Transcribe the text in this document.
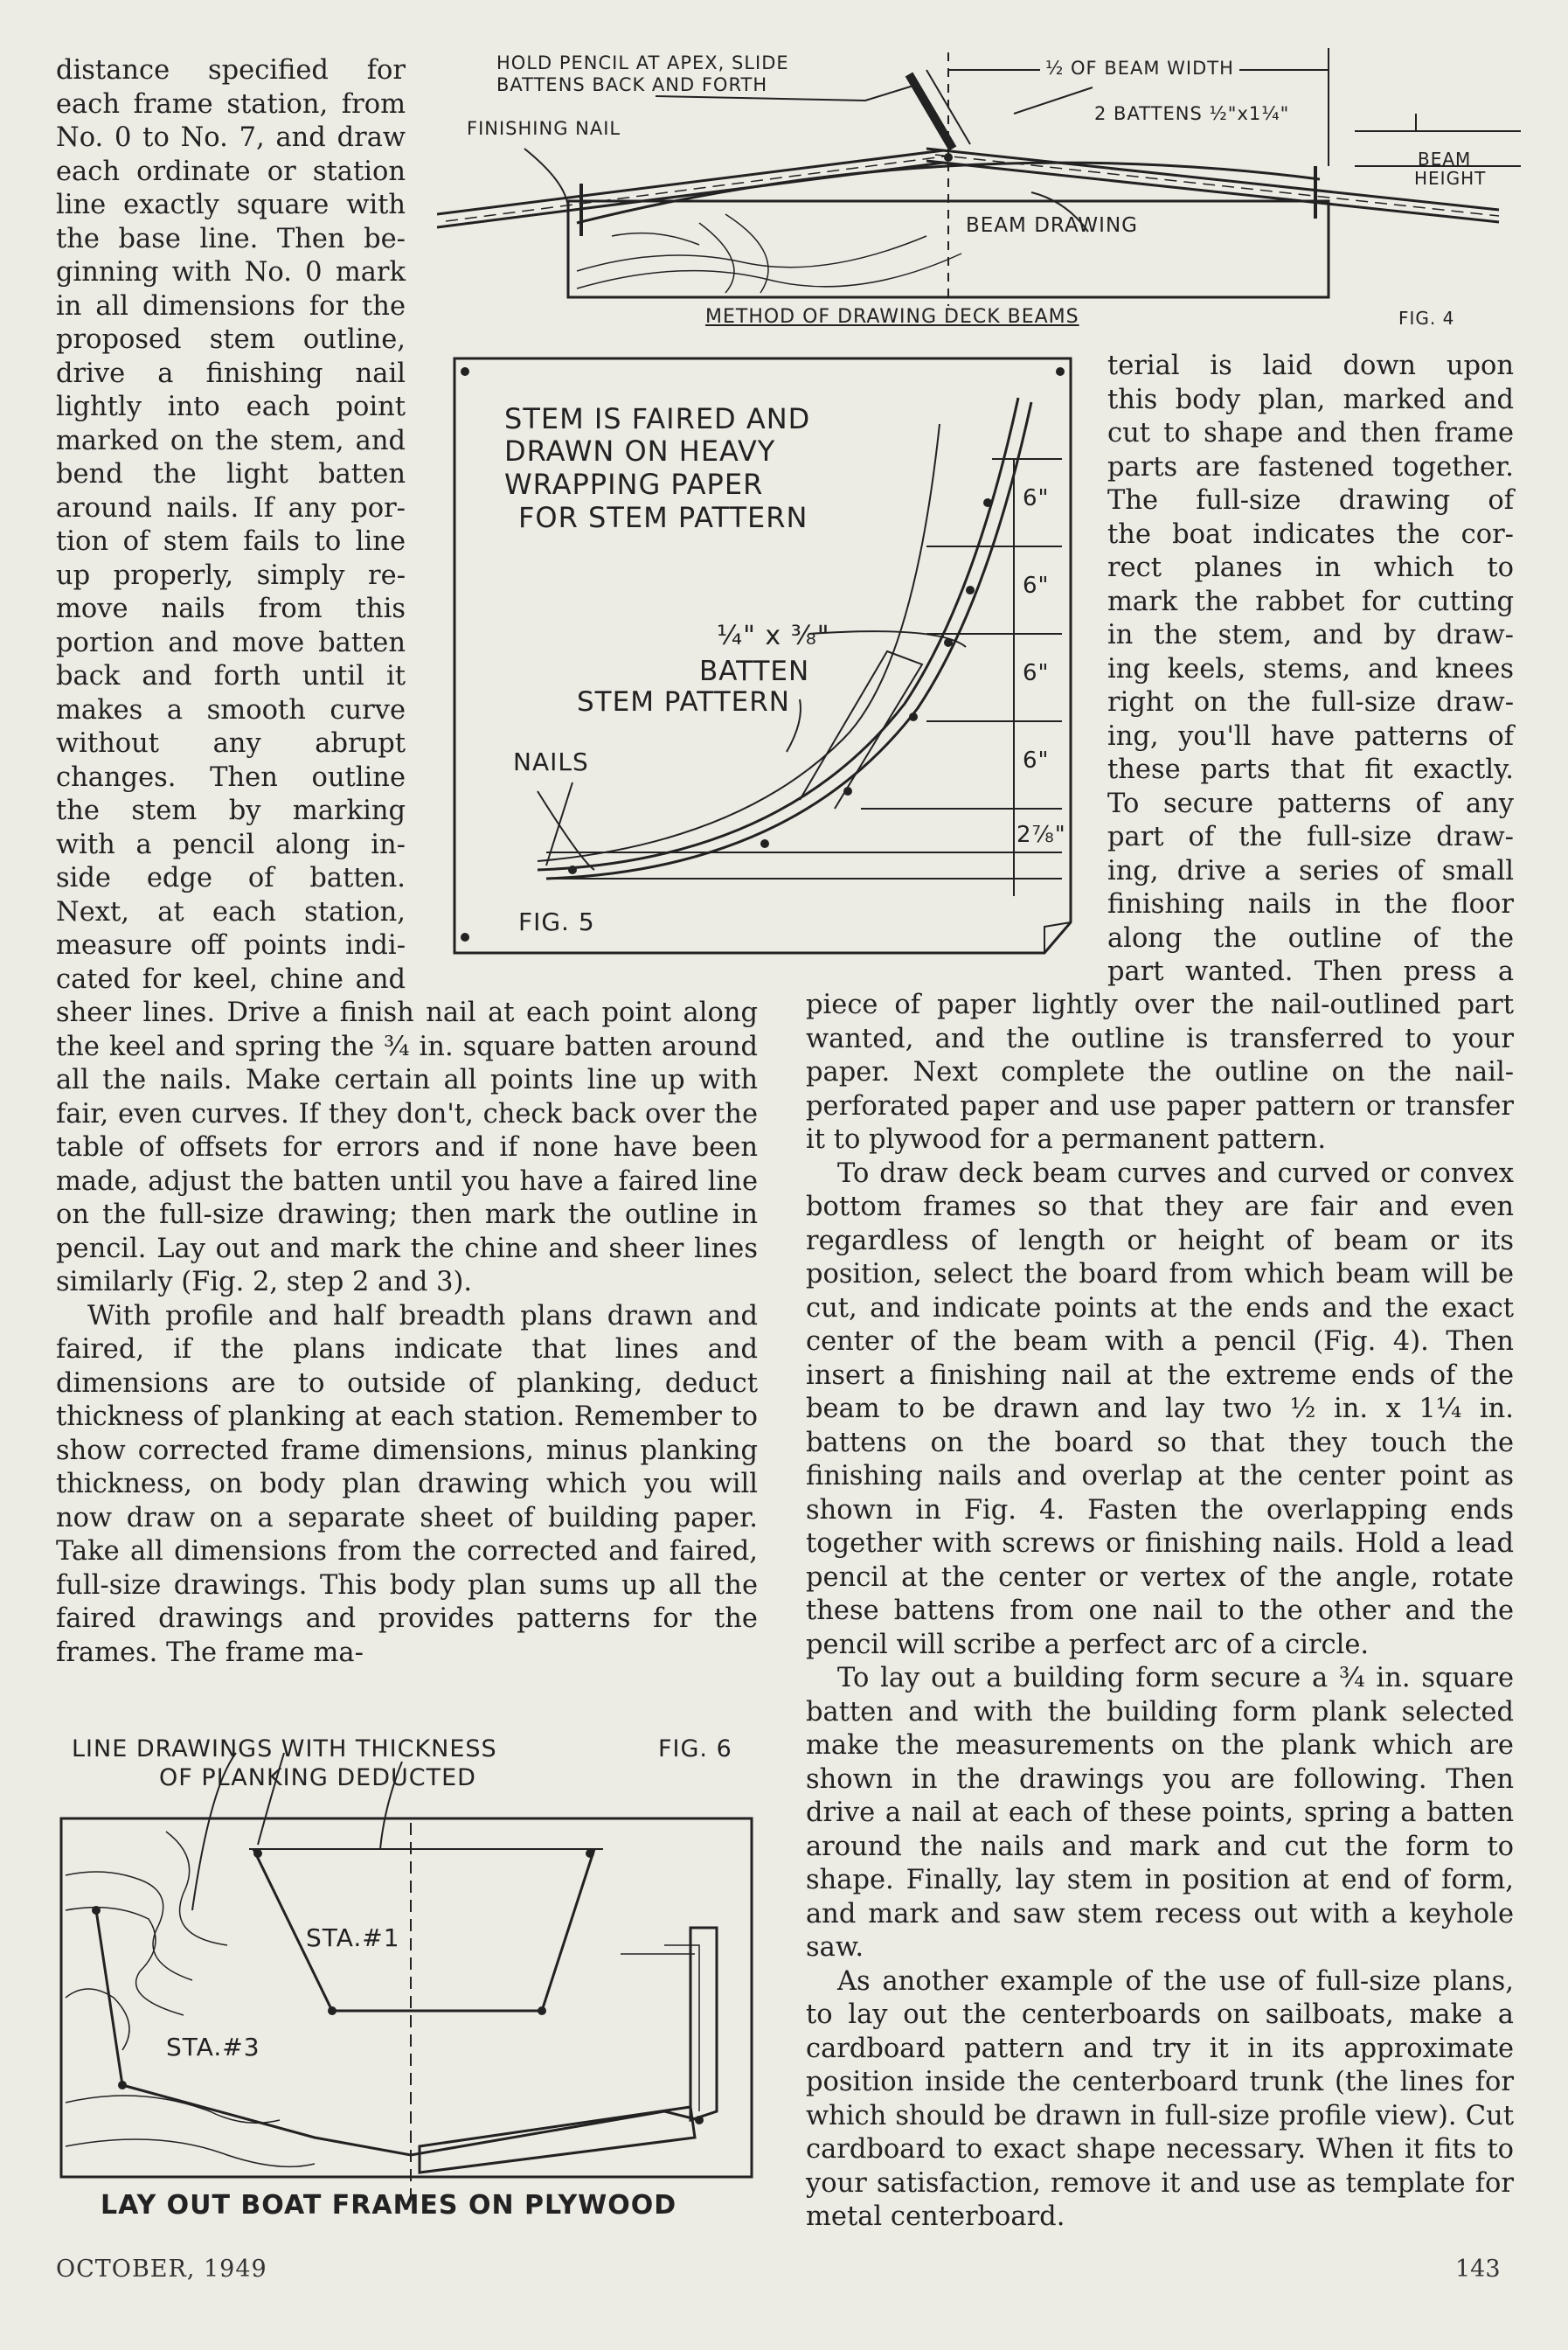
distance specified for
each frame station, from
No. 0 to No. 7, and draw
each ordinate or station
line exactly square with
the base line. Then be-
ginning with No. 0 mark
in all dimensions for the
proposed stem outline,
drive a finishing nail
lightly into each point
marked on the stem, and
bend the light batten
around nails. If any por-
tion of stem fails to line
up properly, simply re-
move nails from this
portion and move batten
back and forth until it
makes a smooth curve
without any abrupt
changes. Then outline
the stem by marking
with a pencil along in-
side edge of batten.
Next, at each station,
measure off points indi-
cated for keel, chine and

sheer lines. Drive a finish nail at each point along the keel and spring the ¾ in. square batten around all the nails. Make certain all points line up with fair, even curves. If they don't, check back over the table of offsets for errors and if none have been made, adjust the batten until you have a faired line on the full-size drawing; then mark the outline in pencil. Lay out and mark the chine and sheer lines similarly (Fig. 2, step 2 and 3).

With profile and half breadth plans drawn and faired, if the plans indicate that lines and dimensions are to outside of planking, deduct thickness of planking at each station. Remember to show corrected frame dimensions, minus planking thickness, on body plan drawing which you will now draw on a separate sheet of building paper. Take all dimensions from the corrected and faired, full-size drawings. This body plan sums up all the faired drawings and provides patterns for the frames. The frame ma-

terial is laid down upon
this body plan, marked and
cut to shape and then frame
parts are fastened together.
The full-size drawing of
the boat indicates the cor-
rect planes in which to
mark the rabbet for cutting
in the stem, and by draw-
ing keels, stems, and knees
right on the full-size draw-
ing, you'll have patterns of
these parts that fit exactly.
To secure patterns of any
part of the full-size draw-
ing, drive a series of small
finishing nails in the floor
along the outline of the
part wanted. Then press a

piece of paper lightly over the nail-outlined part wanted, and the outline is transferred to your paper. Next complete the outline on the nail-perforated paper and use paper pattern or transfer it to plywood for a permanent pattern.

To draw deck beam curves and curved or convex bottom frames so that they are fair and even regardless of length or height of beam or its position, select the board from which beam will be cut, and indicate points at the ends and the exact center of the beam with a pencil (Fig. 4). Then insert a finishing nail at the extreme ends of the beam to be drawn and lay two ½ in. x 1¼ in. battens on the board so that they touch the finishing nails and overlap at the center point as shown in Fig. 4. Fasten the overlapping ends together with screws or finishing nails. Hold a lead pencil at the center or vertex of the angle, rotate these battens from one nail to the other and the pencil will scribe a perfect arc of a circle.

To lay out a building form secure a ¾ in. square batten and with the building form plank selected make the measurements on the plank which are shown in the drawings you are following. Then drive a nail at each of these points, spring a batten around the nails and mark and cut the form to shape. Finally, lay stem in position at end of form, and mark and saw stem recess out with a keyhole saw.

As another example of the use of full-size plans, to lay out the centerboards on sailboats, make a cardboard pattern and try it in its approximate position inside the centerboard trunk (the lines for which should be drawn in full-size profile view). Cut cardboard to exact shape necessary. When it fits to your satisfaction, remove it and use as template for metal centerboard.

HOLD PENCIL AT APEX, SLIDE
BATTENS BACK AND FORTH
FINISHING NAIL
½ OF BEAM WIDTH
2 BATTENS ½"x1¼"
BEAM
HEIGHT
BEAM DRAWING
METHOD OF DRAWING DECK BEAMS	FIG. 4
STEM IS FAIRED AND
DRAWN ON HEAVY
WRAPPING PAPER
FOR STEM PATTERN
¼" x ⅜"
BATTEN
STEM PATTERN
NAILS
FIG. 5
6"
6"
6"
6"
2⅞"
LINE DRAWINGS WITH THICKNESS
OF PLANKING DEDUCTED
FIG. 6
STA.#1
STA.#3
LAY OUT BOAT FRAMES ON PLYWOOD
OCTOBER, 1949	143
